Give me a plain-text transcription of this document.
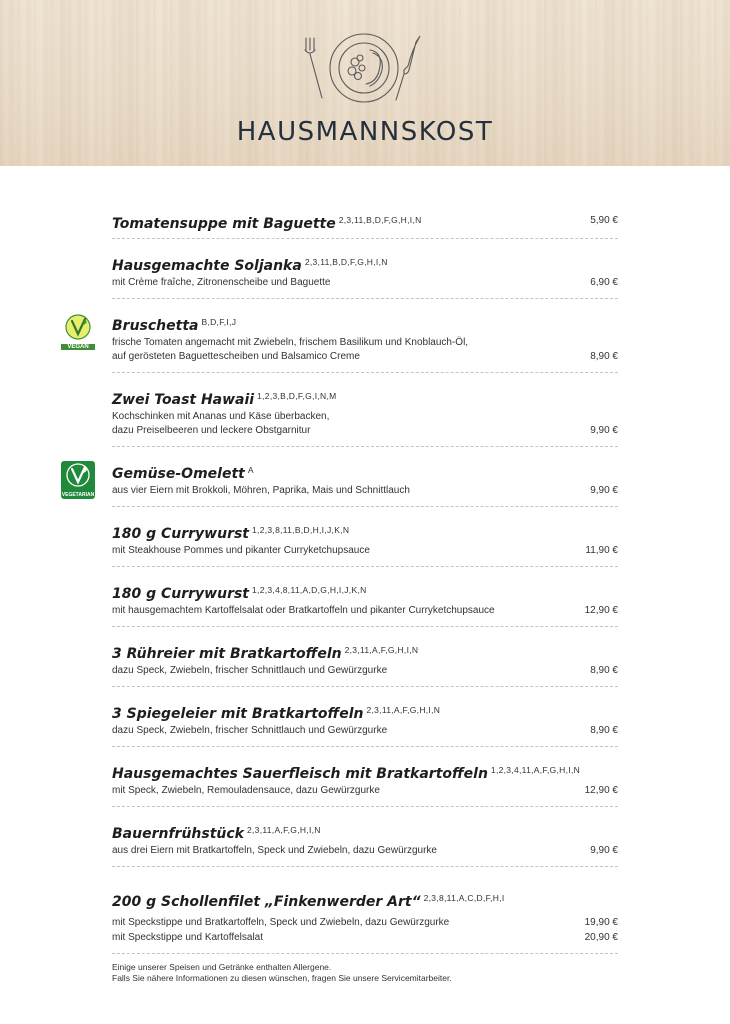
HAUSMANNSKOST
Tomatensuppe mit Baguette $^{2,3,11,B,D,F,G,H,I,N}$	5,90 €
Hausgemachte Soljanka $^{2,3,11,B,D,F,G,H,I,N}$
mit Crème fraîche, Zitronenscheibe und Baguette	6,90 €
VEGAN
Bruschetta $^{B,D,F,I,J}$
frische Tomaten angemacht mit Zwiebeln, frischem Basilikum und Knoblauch-Öl,
auf gerösteten Baguettescheiben und Balsamico Creme	8,90 €
Zwei Toast Hawaii $^{1,2,3,B,D,F,G,I,N,M}$
Kochschinken mit Ananas und Käse überbacken,
dazu Preiselbeeren und leckere Obstgarnitur	9,90 €
VEGETARIAN
Gemüse-Omelett $^A$
aus vier Eiern mit Brokkoli, Möhren, Paprika, Mais und Schnittlauch	9,90 €
180 g Currywurst $^{1,2,3,8,11,B,D,H,I,J,K,N}$
mit Steakhouse Pommes und pikanter Curryketchupsauce	11,90 €
180 g Currywurst $^{1,2,3,4,8,11,A,D,G,H,I,J,K,N}$
mit hausgemachtem Kartoffelsalat oder Bratkartoffeln und pikanter Curryketchupsauce	12,90 €
3 Rühreier mit Bratkartoffeln $^{2,3,11,A,F,G,H,I,N}$
dazu Speck, Zwiebeln, frischer Schnittlauch und Gewürzgurke	8,90 €
3 Spiegeleier mit Bratkartoffeln $^{2,3,11,A,F,G,H,I,N}$
dazu Speck, Zwiebeln, frischer Schnittlauch und Gewürzgurke	8,90 €
Hausgemachtes Sauerfleisch mit Bratkartoffeln $^{1,2,3,4,11,A,F,G,H,I,N}$
mit Speck, Zwiebeln, Remouladensauce, dazu Gewürzgurke	12,90 €
Bauernfrühstück $^{2,3,11,A,F,G,H,I,N}$
aus drei Eiern mit Bratkartoffeln, Speck und Zwiebeln, dazu Gewürzgurke	9,90 €
200 g Schollenfilet „Finkenwerder Art“ $^{2,3,8,11,A,C,D,F,H,I}$
mit Speckstippe und Bratkartoffeln, Speck und Zwiebeln, dazu Gewürzgurke	19,90 €
mit Speckstippe und Kartoffelsalat	20,90 €
Einige unserer Speisen und Getränke enthalten Allergene.
Falls Sie nähere Informationen zu diesen wünschen, fragen Sie unsere Servicemitarbeiter.
